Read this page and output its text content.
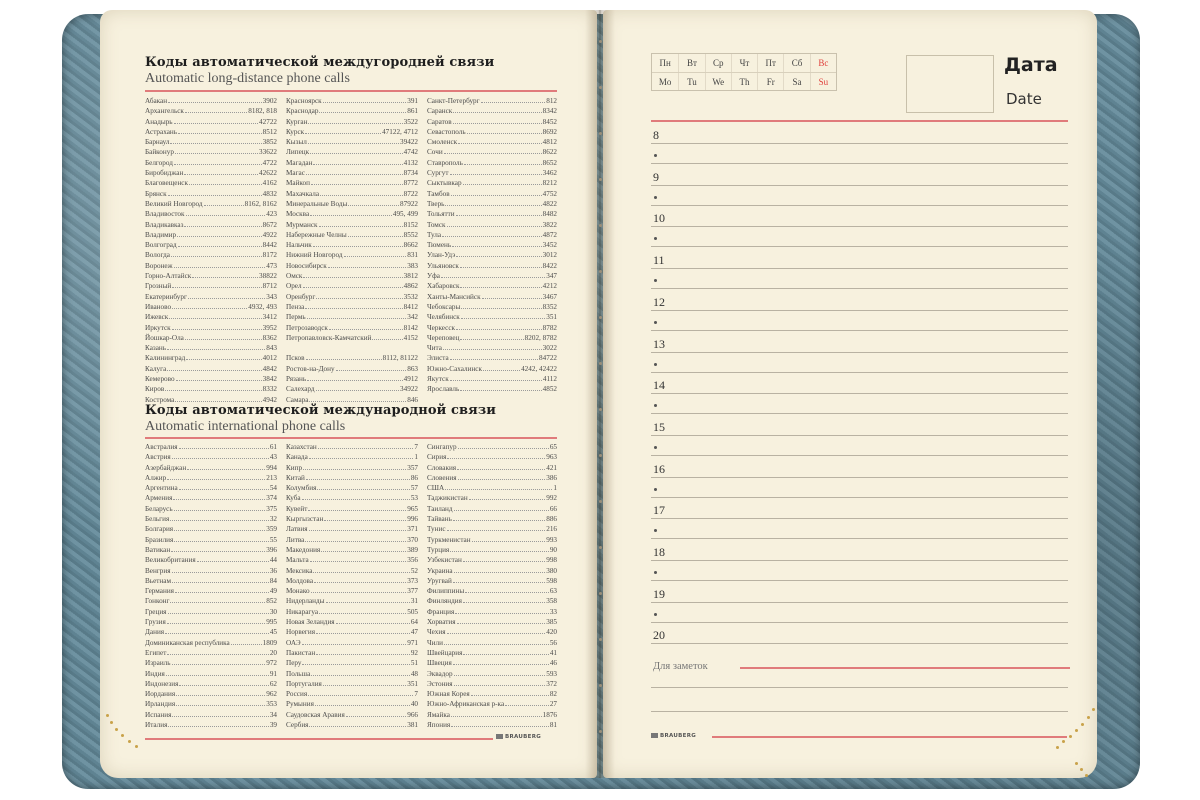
Коды автоматической междугородней связи
Automatic long-distance phone calls
Абакан	3902
Архангельск	8182, 818
Анадырь	42722
Астрахань	8512
Барнаул	3852
Байконур	33622
Белгород	4722
Биробиджан	42622
Благовещенск	4162
Брянск	4832
Великий Новгород	8162, 8162
Владивосток	423
Владикавказ	8672
Владимир	4922
Волгоград	8442
Вологда	8172
Воронеж	473
Горно-Алтайск	38822
Грозный	8712
Екатеринбург	343
Иваново	4932, 493
Ижевск	3412
Иркутск	3952
Йошкар-Ола	8362
Казань	843
Калининград	4012
Калуга	4842
Кемерово	3842
Киров	8332
Кострома	4942
Красноярск	391
Краснодар	861
Курган	3522
Курск	47122, 4712
Кызыл	39422
Липецк	4742
Магадан	4132
Магас	8734
Майкоп	8772
Махачкала	8722
Минеральные Воды	87922
Москва	495, 499
Мурманск	8152
Набережные Челны	8552
Нальчик	8662
Нижний Новгород	831
Новосибирск	383
Омск	3812
Орел	4862
Оренбург	3532
Пенза	8412
Пермь	342
Петрозаводск	8142
Петропавловск-Камчатский	4152

Псков	8112, 81122
Ростов-на-Дону	863
Рязань	4912
Салехард	34922
Самара	846
Санкт-Петербург	812
Саранск	8342
Саратов	8452
Севастополь	8692
Смоленск	4812
Сочи	8622
Ставрополь	8652
Сургут	3462
Сыктывкар	8212
Тамбов	4752
Тверь	4822
Тольятти	8482
Томск	3822
Тула	4872
Тюмень	3452
Улан-Удэ	3012
Ульяновск	8422
Уфа	347
Хабаровск	4212
Ханты-Мансийск	3467
Чебоксары	8352
Челябинск	351
Черкесск	8782
Череповец	8202, 8782
Чита	3022
Элиста	84722
Южно-Сахалинск	4242, 42422
Якутск	4112
Ярославль	4852
Коды автоматической международной связи
Automatic international phone calls
Австралия	61
Австрия	43
Азербайджан	994
Алжир	213
Аргентина	54
Армения	374
Беларусь	375
Бельгия	32
Болгария	359
Бразилия	55
Ватикан	396
Великобритания	44
Венгрия	36
Вьетнам	84
Германия	49
Гонконг	852
Греция	30
Грузия	995
Дания	45
Доминиканская республика	1809
Египет	20
Израиль	972
Индия	91
Индонезия	62
Иордания	962
Ирландия	353
Испания	34
Италия	39
Казахстан	7
Канада	1
Кипр	357
Китай	86
Колумбия	57
Куба	53
Кувейт	965
Кыргызстан	996
Латвия	371
Литва	370
Македония	389
Мальта	356
Мексика	52
Молдова	373
Монако	377
Нидерланды	31
Никарагуа	505
Новая Зеландия	64
Норвегия	47
ОАЭ	971
Пакистан	92
Перу	51
Польша	48
Португалия	351
Россия	7
Румыния	40
Саудовская Аравия	966
Сербия	381
Сингапур	65
Сирия	963
Словакия	421
Словения	386
США	1
Таджикистан	992
Таиланд	66
Тайвань	886
Тунис	216
Туркменистан	993
Турция	90
Узбекистан	998
Украина	380
Уругвай	598
Филиппины	63
Финляндия	358
Франция	33
Хорватия	385
Чехия	420
Чили	56
Швейцария	41
Швеция	46
Эквадор	593
Эстония	372
Южная Корея	82
Южно-Африканская р-ка	27
Ямайка	1876
Япония	81
BRAUBERG
Пн	Вт	Ср	Чт	Пт	Сб	Вс
Mo	Tu	We	Th	Fr	Sa	Su
Дата
Date
8
9
10
11
12
13
14
15
16
17
18
19
20
Для заметок
BRAUBERG
